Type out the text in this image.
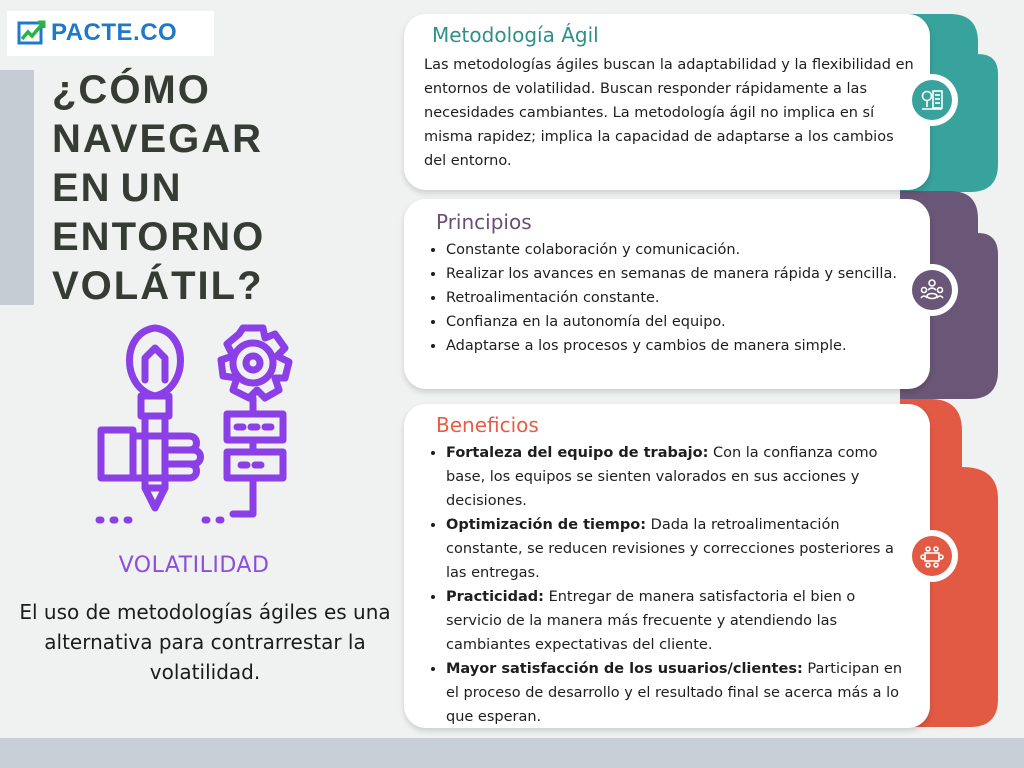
PACTE.CO
¿CÓMO
NAVEGAR
EN UN
ENTORNO
VOLÁTIL?
VOLATILIDAD

El uso de metodologías ágiles es una alternativa para contrarrestar la volatilidad.

Metodología Ágil

Las metodologías ágiles buscan la adaptabilidad y la flexibilidad en entornos de volatilidad. Buscan responder rápidamente a las necesidades cambiantes. La metodología ágil no implica en sí misma rapidez; implica la capacidad de adaptarse a los cambios del entorno.

Principios
• Constante colaboración y comunicación.
• Realizar los avances en semanas de manera rápida y sencilla.
• Retroalimentación constante.
• Confianza en la autonomía del equipo.
• Adaptarse a los procesos y cambios de manera simple.
Beneficios
• Fortaleza del equipo de trabajo: Con la confianza como base, los equipos se sienten valorados en sus acciones y decisiones.
• Optimización de tiempo: Dada la retroalimentación constante, se reducen revisiones y correcciones posteriores a las entregas.
• Practicidad: Entregar de manera satisfactoria el bien o servicio de la manera más frecuente y atendiendo las cambiantes expectativas del cliente.
• Mayor satisfacción de los usuarios/clientes: Participan en el proceso de desarrollo y el resultado final se acerca más a lo que esperan.
